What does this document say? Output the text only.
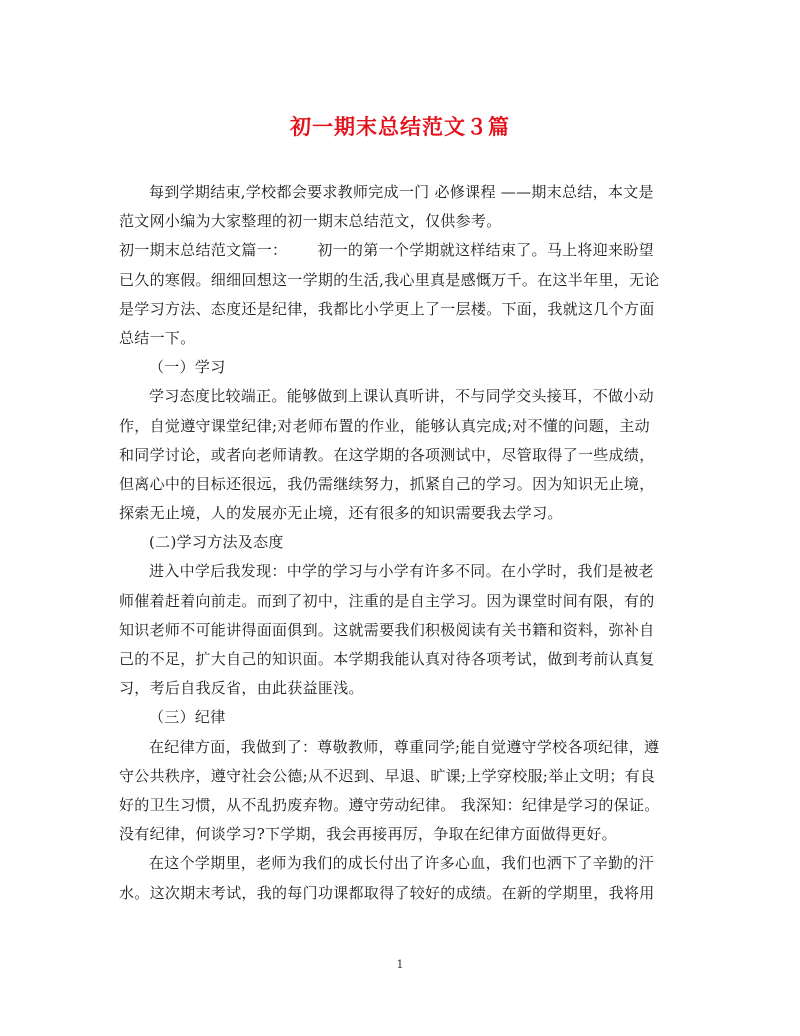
初一期末总结范文３篇
每到学期结束,学校都会要求教师完成一门 必修课程 ——期末总结，本文是
范文网小编为大家整理的初一期末总结范文，仅供参考。
初一期末总结范文篇一： 初一的第一个学期就这样结束了。马上将迎来盼望
已久的寒假。细细回想这一学期的生活,我心里真是感慨万千。在这半年里，无论
是学习方法、态度还是纪律，我都比小学更上了一层楼。下面，我就这几个方面
总结一下。
（一）学习
学习态度比较端正。能够做到上课认真听讲，不与同学交头接耳，不做小动
作，自觉遵守课堂纪律;对老师布置的作业，能够认真完成;对不懂的问题，主动
和同学讨论，或者向老师请教。在这学期的各项测试中，尽管取得了一些成绩，
但离心中的目标还很远，我仍需继续努力，抓紧自己的学习。因为知识无止境，
探索无止境，人的发展亦无止境，还有很多的知识需要我去学习。
(二)学习方法及态度
进入中学后我发现：中学的学习与小学有许多不同。在小学时，我们是被老
师催着赶着向前走。而到了初中，注重的是自主学习。因为课堂时间有限，有的
知识老师不可能讲得面面俱到。这就需要我们积极阅读有关书籍和资料，弥补自
己的不足，扩大自己的知识面。本学期我能认真对待各项考试，做到考前认真复
习，考后自我反省，由此获益匪浅。
（三）纪律
在纪律方面，我做到了：尊敬教师，尊重同学;能自觉遵守学校各项纪律，遵
守公共秩序，遵守社会公德;从不迟到、早退、旷课;上学穿校服;举止文明；有良
好的卫生习惯，从不乱扔废弃物。遵守劳动纪律。 我深知：纪律是学习的保证。
没有纪律，何谈学习?下学期，我会再接再厉，争取在纪律方面做得更好。
在这个学期里，老师为我们的成长付出了许多心血，我们也洒下了辛勤的汗
水。这次期末考试，我的每门功课都取得了较好的成绩。在新的学期里，我将用
1
